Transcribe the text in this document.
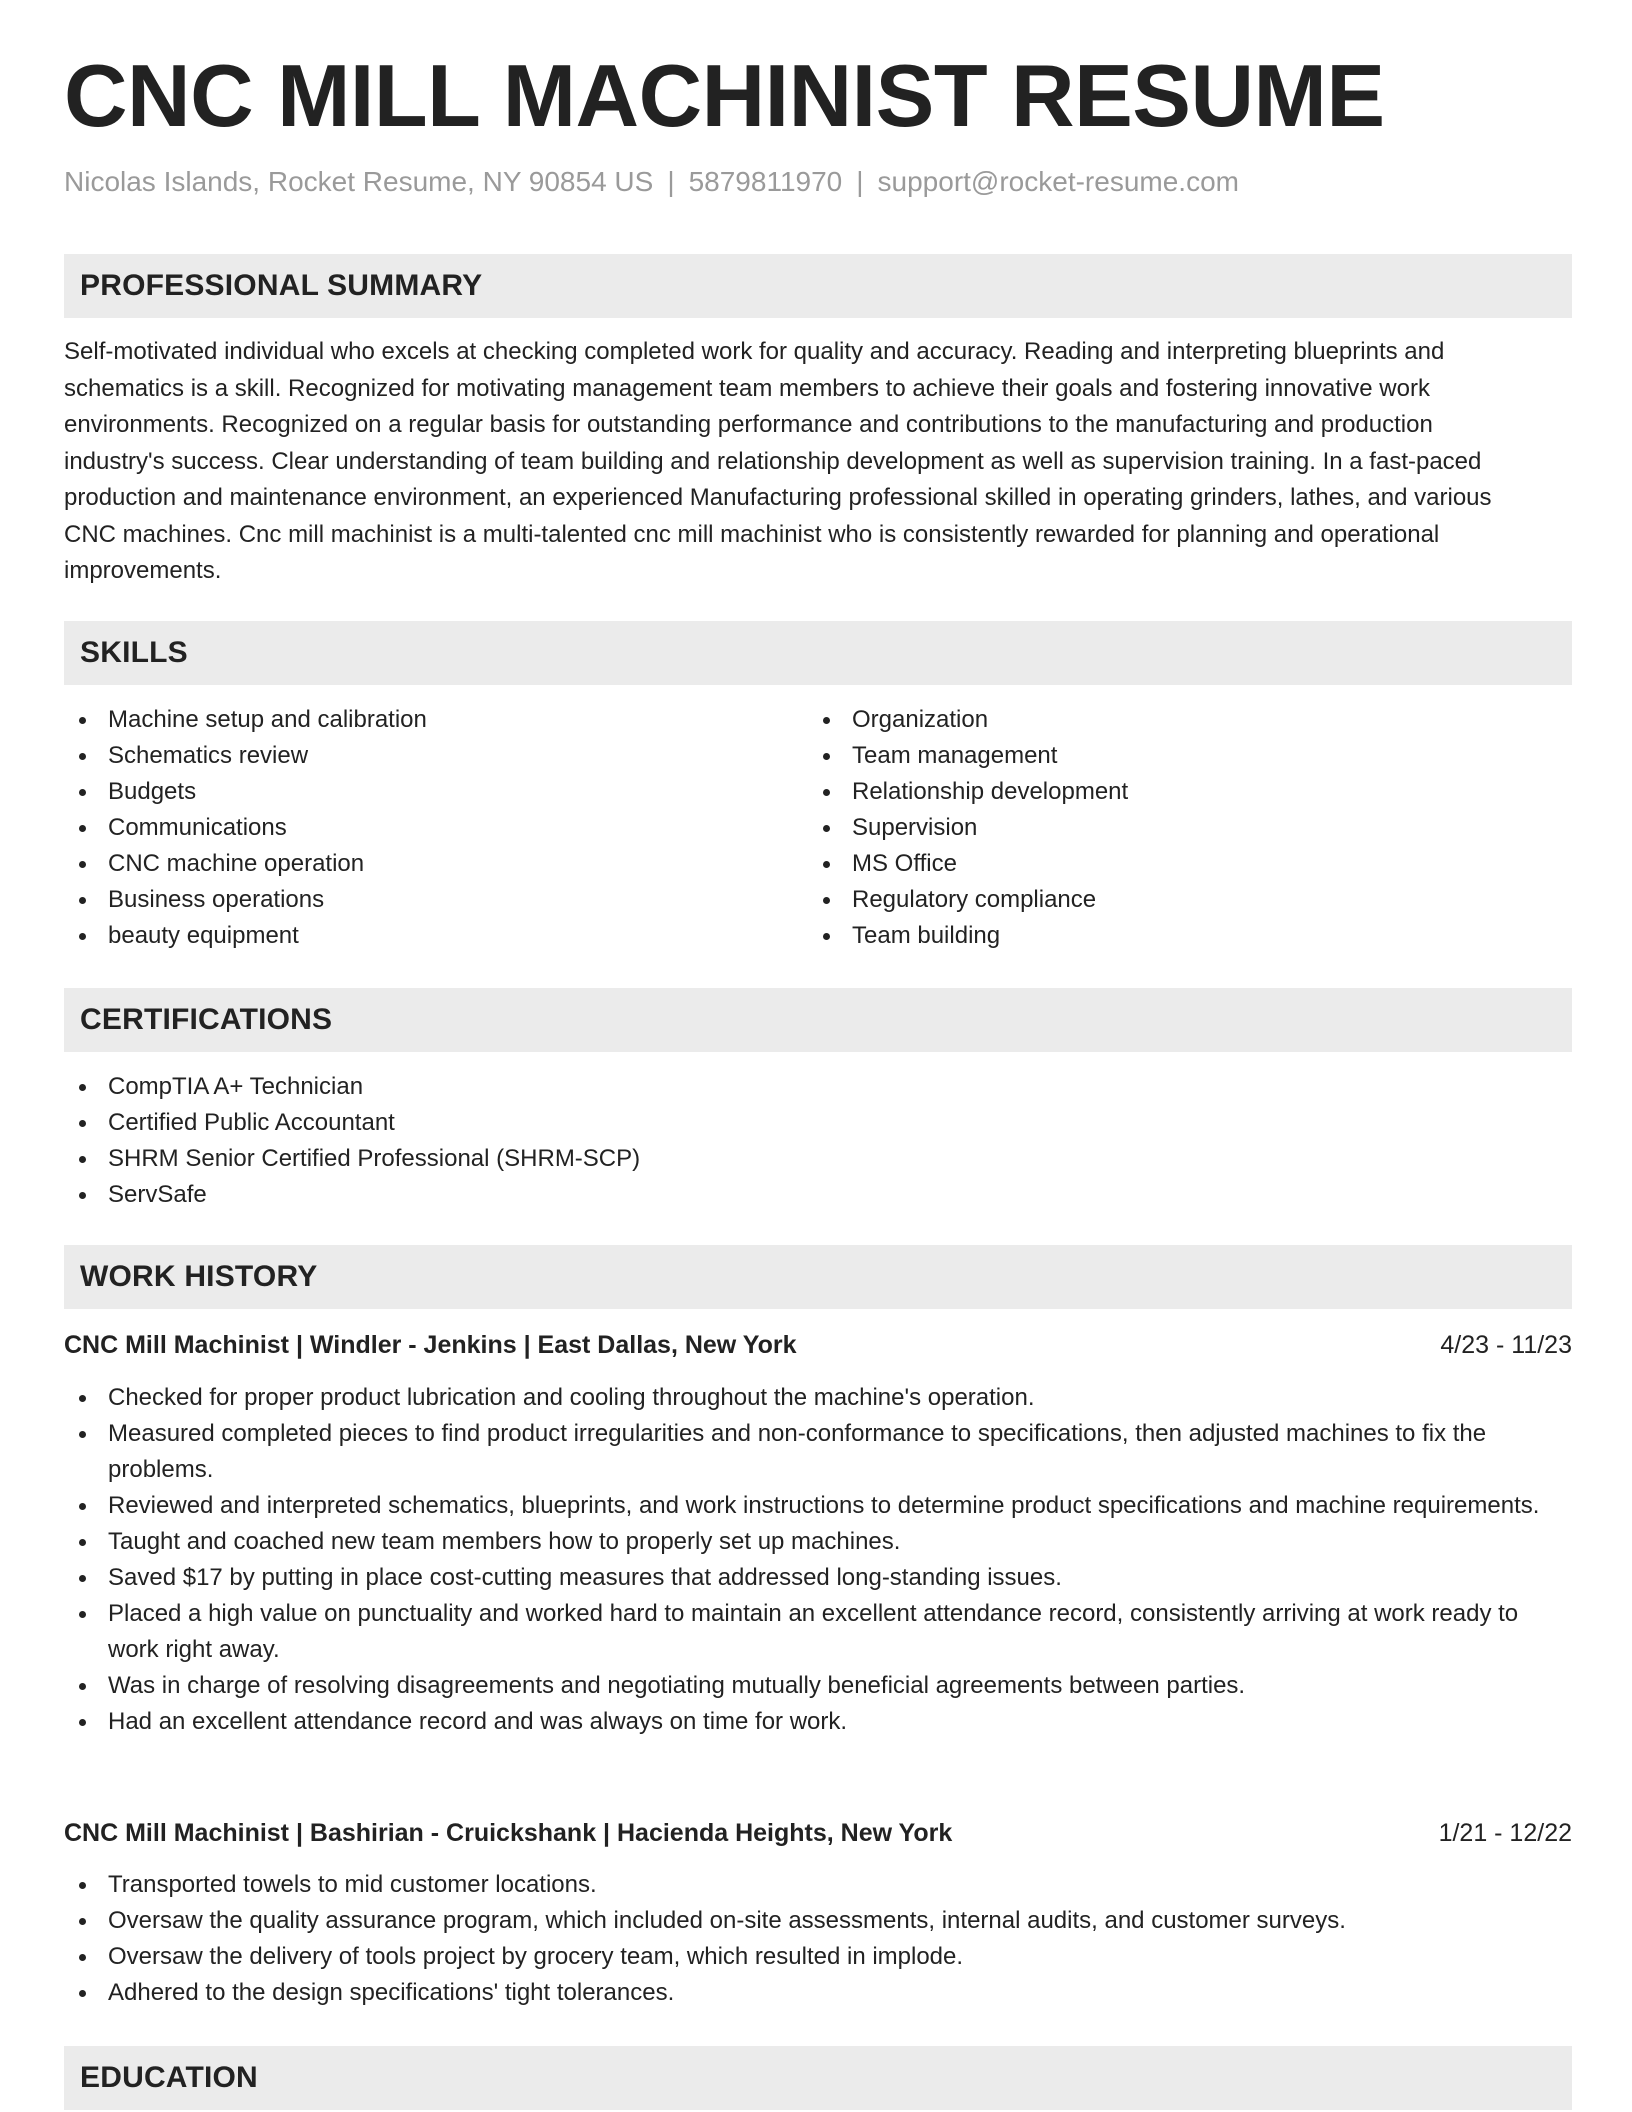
CNC MILL MACHINIST RESUME
Nicolas Islands, Rocket Resume, NY 90854 US | 5879811970 | support@rocket-resume.com
PROFESSIONAL SUMMARY
Self-motivated individual who excels at checking completed work for quality and accuracy. Reading and interpreting blueprints and
schematics is a skill. Recognized for motivating management team members to achieve their goals and fostering innovative work
environments. Recognized on a regular basis for outstanding performance and contributions to the manufacturing and production
industry's success. Clear understanding of team building and relationship development as well as supervision training. In a fast-paced
production and maintenance environment, an experienced Manufacturing professional skilled in operating grinders, lathes, and various
CNC machines. Cnc mill machinist is a multi-talented cnc mill machinist who is consistently rewarded for planning and operational
improvements.
SKILLS
Machine setup and calibration
Schematics review
Budgets
Communications
CNC machine operation
Business operations
beauty equipment
Organization
Team management
Relationship development
Supervision
MS Office
Regulatory compliance
Team building
CERTIFICATIONS
CompTIA A+ Technician
Certified Public Accountant
SHRM Senior Certified Professional (SHRM-SCP)
ServSafe
WORK HISTORY
CNC Mill Machinist | Windler - Jenkins | East Dallas, New York	4/23 - 11/23
Checked for proper product lubrication and cooling throughout the machine's operation.
Measured completed pieces to find product irregularities and non-conformance to specifications, then adjusted machines to fix the problems.
Reviewed and interpreted schematics, blueprints, and work instructions to determine product specifications and machine requirements.
Taught and coached new team members how to properly set up machines.
Saved $17 by putting in place cost-cutting measures that addressed long-standing issues.
Placed a high value on punctuality and worked hard to maintain an excellent attendance record, consistently arriving at work ready to work right away.
Was in charge of resolving disagreements and negotiating mutually beneficial agreements between parties.
Had an excellent attendance record and was always on time for work.
CNC Mill Machinist | Bashirian - Cruickshank | Hacienda Heights, New York	1/21 - 12/22
Transported towels to mid customer locations.
Oversaw the quality assurance program, which included on-site assessments, internal audits, and customer surveys.
Oversaw the delivery of tools project by grocery team, which resulted in implode.
Adhered to the design specifications' tight tolerances.
EDUCATION
